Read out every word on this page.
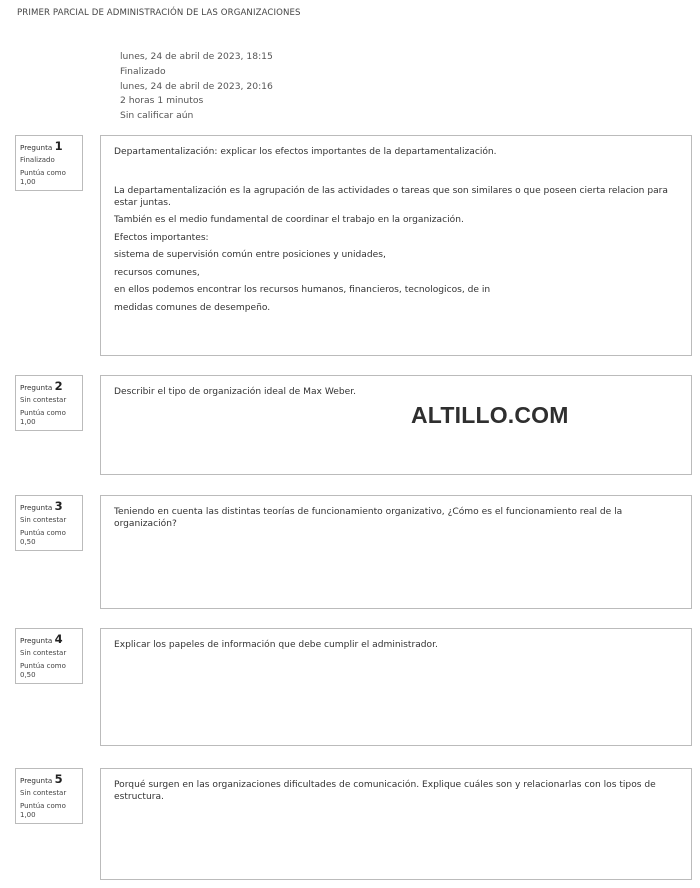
PRIMER PARCIAL DE ADMINISTRACIÓN DE LAS ORGANIZACIONES
lunes, 24 de abril de 2023, 18:15
Finalizado
lunes, 24 de abril de 2023, 20:16
2 horas 1 minutos
Sin calificar aún
Pregunta 1
Finalizado
Puntúa como 1,00
Departamentalización: explicar los efectos importantes de la departamentalización.

La departamentalización es la agrupación de las actividades o tareas que son similares o que poseen cierta relacion para estar juntas.

También es el medio fundamental de coordinar el trabajo en la organización.

Efectos importantes:

sistema de supervisión común entre posiciones y unidades,

recursos comunes,

en ellos podemos encontrar los recursos humanos, financieros, tecnologicos, de in

medidas comunes de desempeño.

Pregunta 2
Sin contestar
Puntúa como 1,00
Describir el tipo de organización ideal de Max Weber.
ALTILLO.COM
Pregunta 3
Sin contestar
Puntúa como 0,50
Teniendo en cuenta las distintas teorías de funcionamiento organizativo, ¿Cómo es el funcionamiento real de la organización?
Pregunta 4
Sin contestar
Puntúa como 0,50
Explicar los papeles de información que debe cumplir el administrador.
Pregunta 5
Sin contestar
Puntúa como 1,00
Porqué surgen en las organizaciones dificultades de comunicación. Explique cuáles son y relacionarlas con los tipos de estructura.
